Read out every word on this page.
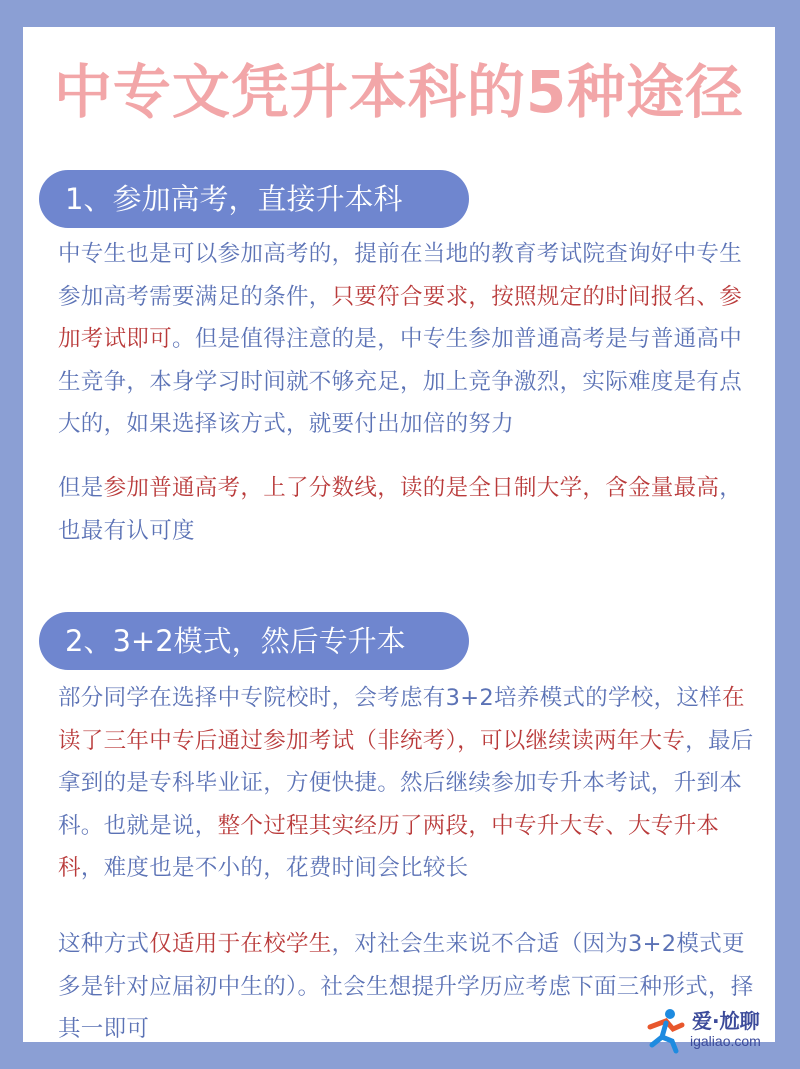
中专文凭升本科的5种途径
1、参加高考，直接升本科

中专生也是可以参加高考的，提前在当地的教育考试院查询好中专生参加高考需要满足的条件，只要符合要求，按照规定的时间报名、参加考试即可。但是值得注意的是，中专生参加普通高考是与普通高中生竞争，本身学习时间就不够充足，加上竞争激烈，实际难度是有点大的，如果选择该方式，就要付出加倍的努力

但是参加普通高考，上了分数线，读的是全日制大学，含金量最高，也最有认可度

2、3+2模式，然后专升本

部分同学在选择中专院校时，会考虑有3+2培养模式的学校，这样在读了三年中专后通过参加考试（非统考），可以继续读两年大专，最后拿到的是专科毕业证，方便快捷。然后继续参加专升本考试，升到本科。也就是说，整个过程其实经历了两段，中专升大专、大专升本科，难度也是不小的，花费时间会比较长

这种方式仅适用于在校学生，对社会生来说不合适（因为3+2模式更多是针对应届初中生的）。社会生想提升学历应考虑下面三种形式，择其一即可	爱·尬聊
igaliao.com
